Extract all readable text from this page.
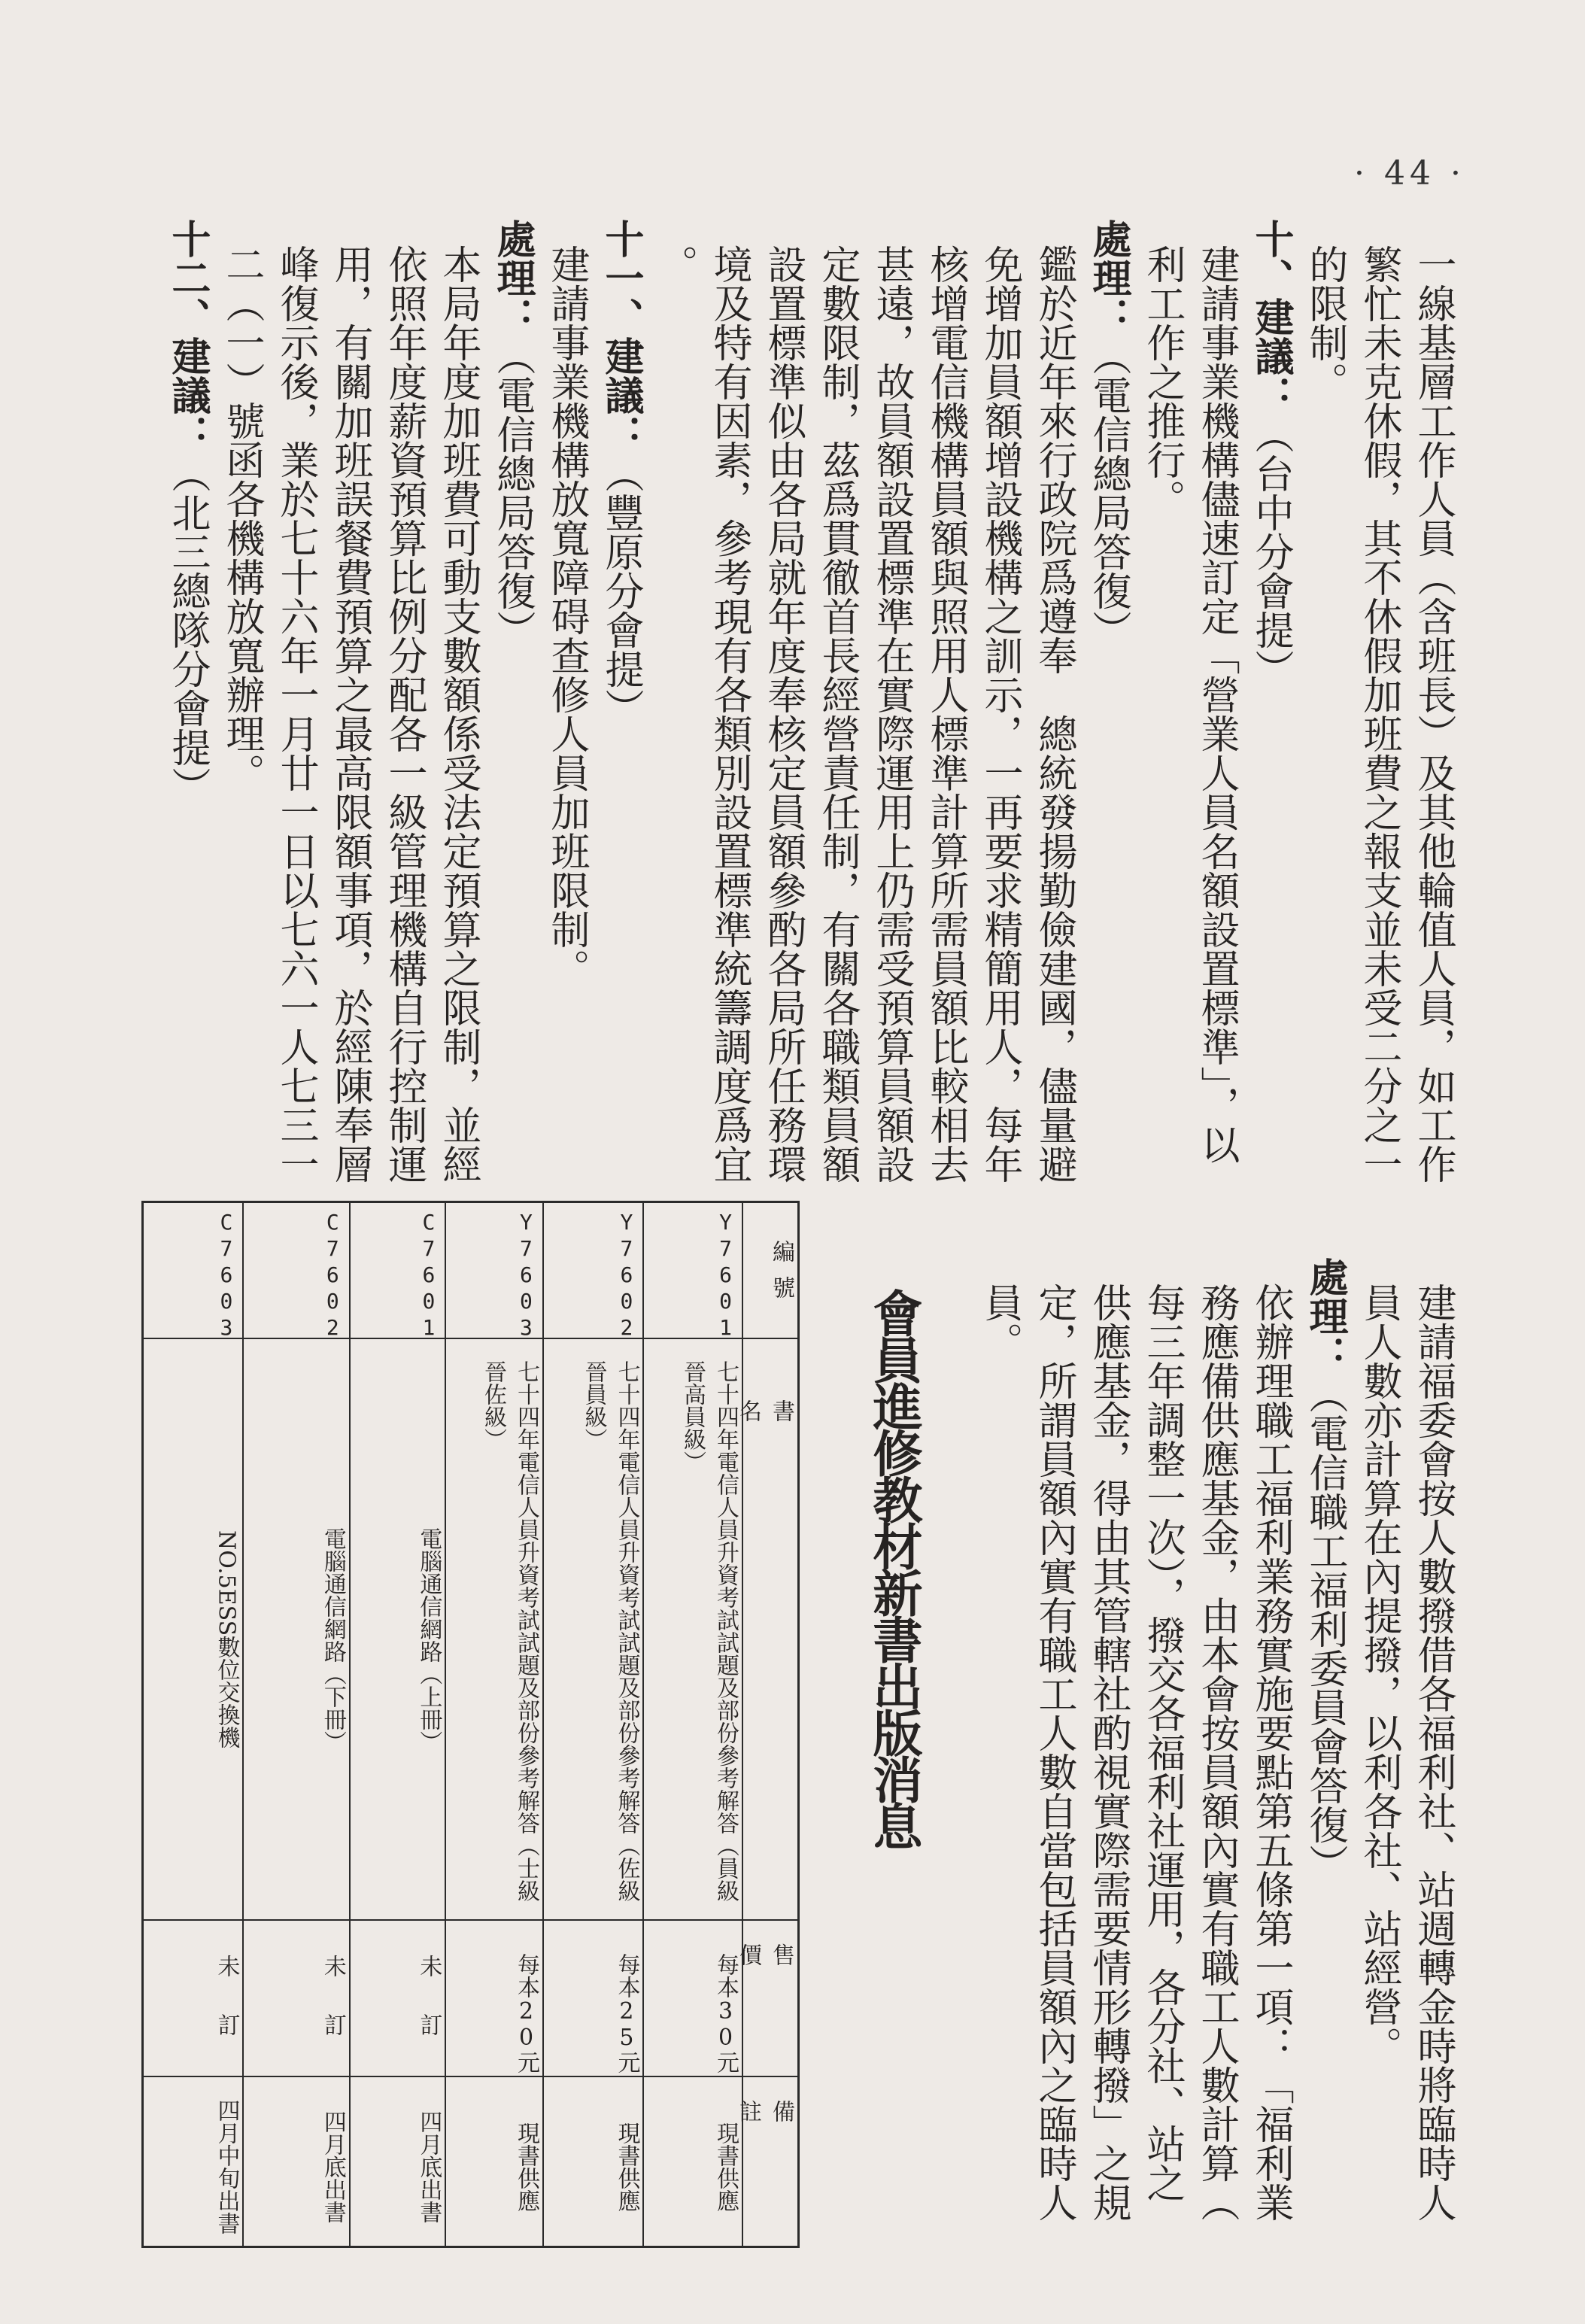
· 44 ·
一線基層工作人員（含班長）及其他輪值人員，如工作
繁忙未克休假，其不休假加班費之報支並未受二分之一
的限制。
十、建議：（台中分會提）
建請事業機構儘速訂定「營業人員名額設置標準」，以
利工作之推行。
處理：（電信總局答復）
鑑於近年來行政院爲遵奉　總統發揚勤儉建國，儘量避
免增加員額增設機構之訓示，一再要求精簡用人，每年
核增電信機構員額與照用人標準計算所需員額比較相去
甚遠，故員額設置標準在實際運用上仍需受預算員額設
定數限制，茲爲貫徹首長經營責任制，有關各職類員額
設置標準似由各局就年度奉核定員額參酌各局所任務環
境及特有因素，參考現有各類別設置標準統籌調度爲宜
。
十一、建議：（豐原分會提）
建請事業機構放寬障碍查修人員加班限制。
處理：（電信總局答復）
本局年度加班費可動支數額係受法定預算之限制，並經
依照年度薪資預算比例分配各一級管理機構自行控制運
用，有關加班誤餐費預算之最高限額事項，於經陳奉層
峰復示後，業於七十六年一月廿一日以七六一人七三一
二（一）號函各機構放寬辦理。
十二、建議：（北三總隊分會提）
建請福委會按人數撥借各福利社、站週轉金時將臨時人
員人數亦計算在內提撥，以利各社、站經營。
處理：（電信職工福利委員會答復）
依辦理職工福利業務實施要點第五條第一項：「福利業
務應備供應基金，由本會按員額內實有職工人數計算（
每三年調整一次），撥交各福利社運用，各分社、站之
供應基金，得由其管轄社酌視實際需要情形轉撥」之規
定，所謂員額內實有職工人數自當包括員額內之臨時人
員。
會員進修教材新書出版消息
編號
書名
售價
備註
Y7601
七十四年電信人員升資考試試題及部份參考解答（員級晉高員級）
每本30元
現書供應
Y7602
七十四年電信人員升資考試試題及部份參考解答（佐級晉員級）
每本25元
現書供應
Y7603
七十四年電信人員升資考試試題及部份參考解答（士級晉佐級）
每本20元
現書供應
C7601
電腦通信網路（上冊）
未訂
四月底出書
C7602
電腦通信網路（下冊）
未訂
四月底出書
C7603
NO.5ESS數位交換機
未訂
四月中旬出書
